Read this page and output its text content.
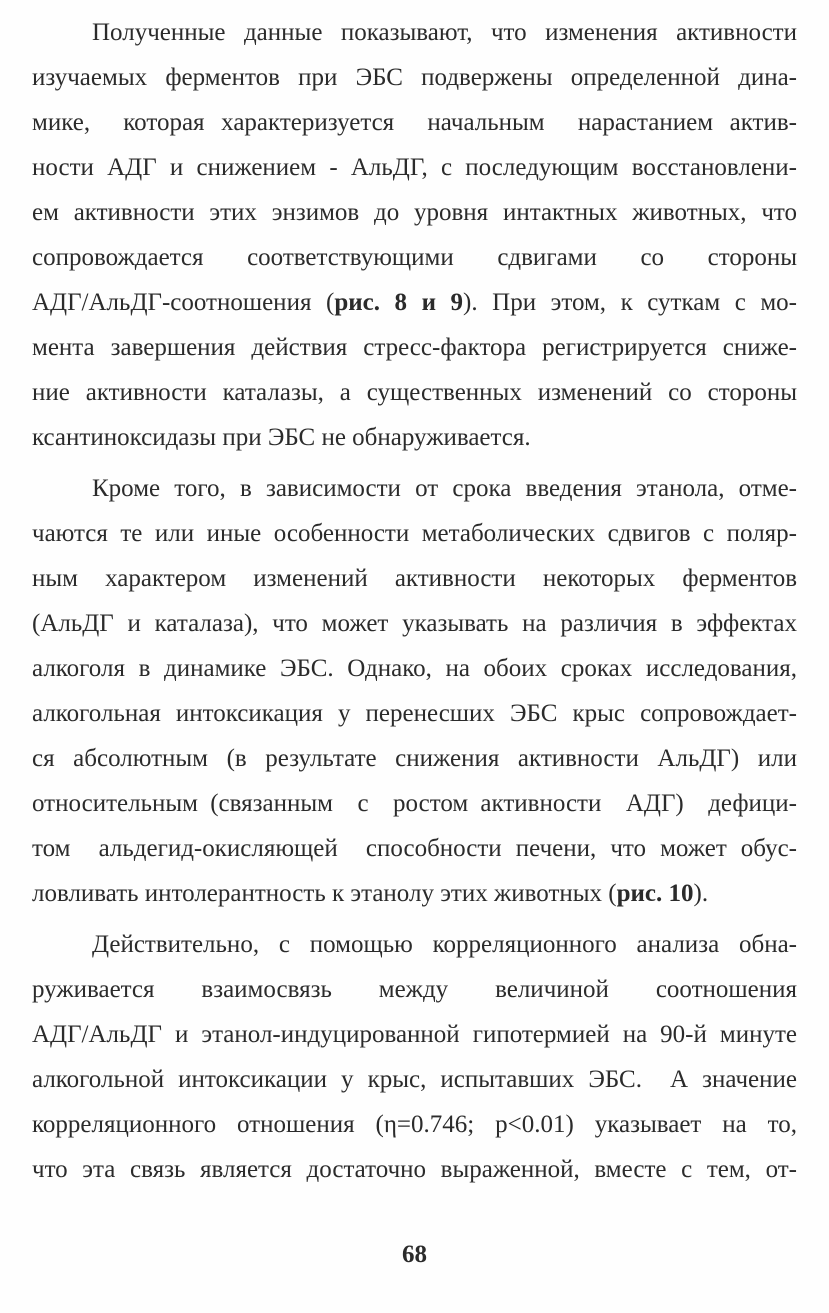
Полученные данные показывают, что изменения активности
изучаемых ферментов при ЭБС подвержены определенной дина-
мике,  которая характеризуется  начальным  нарастанием актив-
ности АДГ и снижением - АльДГ, с последующим восстановлени-
ем активности этих энзимов до уровня интактных животных, что
сопровождается  соответствующими  сдвигами  со  стороны
АДГ/АльДГ-соотношения (рис. 8 и 9). При этом, к суткам с мо-
мента завершения действия стресс-фактора регистрируется сниже-
ние активности каталазы, а существенных изменений со стороны
ксантиноксидазы при ЭБС не обнаруживается.
Кроме того, в зависимости от срока введения этанола, отме-
чаются те или иные особенности метаболических сдвигов с поляр-
ным  характером  изменений  активности  некоторых  ферментов
(АльДГ и каталаза), что может указывать на различия в эффектах
алкоголя в динамике ЭБС. Однако, на обоих сроках исследования,
алкогольная интоксикация у перенесших ЭБС крыс сопровождает-
ся абсолютным (в результате снижения активности АльДГ) или
относительным (связанным  с  ростом активности  АДГ)  дефици-
том  альдегид-окисляющей  способности печени, что может обус-
ловливать интолерантность к этанолу этих животных (рис. 10).
Действительно, с помощью корреляционного анализа обна-
руживается  взаимосвязь  между  величиной  соотношения
АДГ/АльДГ и этанол-индуцированной гипотермией на 90-й минуте
алкогольной интоксикации у крыс, испытавших ЭБС.  А значение
корреляционного отношения (η=0.746; р<0.01) указывает на то,
что эта связь является достаточно выраженной, вместе с тем, от-
68
